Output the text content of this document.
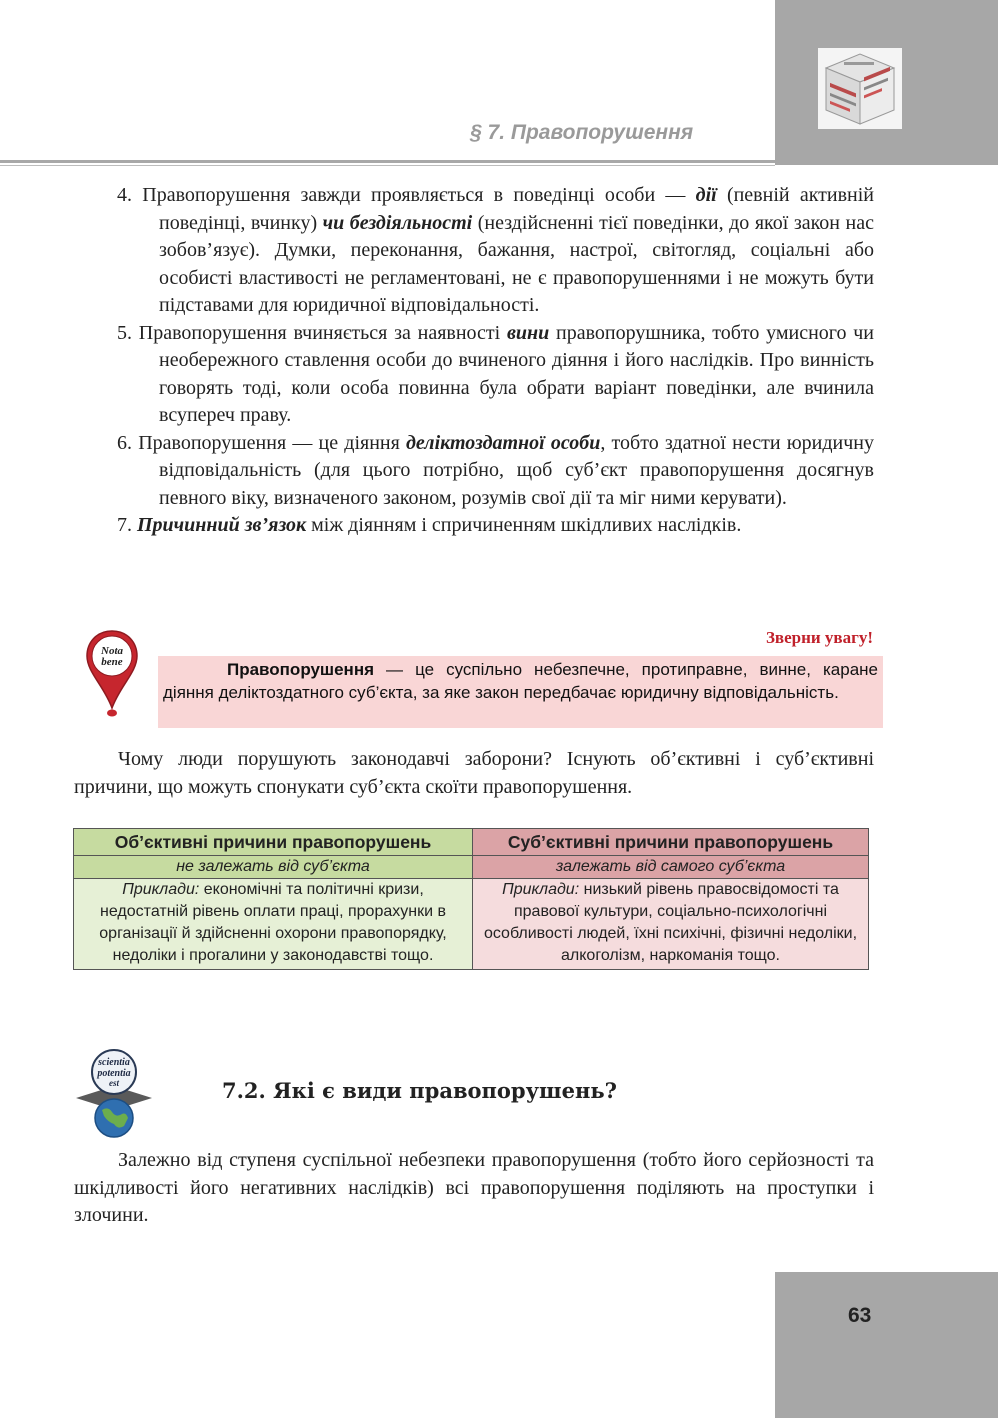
§ 7. Правопорушення
4. Правопорушення завжди проявляється в поведінці особи — дії (певній активній поведінці, вчинку) чи бездіяльності (нездійсненні тієї поведінки, до якої закон нас зобов’язує). Думки, переконання, бажання, настрої, світогляд, соціальні або особисті властивості не регламентовані, не є правопорушеннями і не можуть бути підставами для юридичної відповідальності.
5. Правопорушення вчиняється за наявності вини правопорушника, тобто умисного чи необережного ставлення особи до вчиненого діяння і його наслідків. Про винність говорять тоді, коли особа повинна була обрати варіант поведінки, але вчинила всупереч праву.
6. Правопорушення — це діяння деліктоздатної особи, тобто здатної нести юридичну відповідальність (для цього потрібно, щоб суб’єкт правопорушення досягнув певного віку, визначеного законом, розумів свої дії та міг ними керувати).
7. Причинний зв’язок між діянням і спричиненням шкідливих наслідків.
Nota
bene
Зверни увагу!
Правопорушення — це суспільно небезпечне, протиправне, винне, каране діяння деліктоздатного суб’єкта, за яке закон передбачає юридичну відповідальність.

Чому люди порушують законодавчі заборони? Існують об’єктивні і суб’єктивні причини, що можуть спонукати суб’єкта скоїти правопорушення.

Об’єктивні причини правопорушень	Суб’єктивні причини правопорушень
не залежать від суб’єкта	залежать від самого суб’єкта
Приклади: економічні та політичні кризи, недостатній рівень оплати праці, прорахунки в організації й здійсненні охорони правопорядку, недоліки і прогалини у законодавстві тощо.	Приклади: низький рівень правосвідомості та правової культури, соціально-психологічні особливості людей, їхні психічні, фізичні недоліки, алкоголізм, наркоманія тощо.
scientia
potentia
est	7.2. Які є види правопорушень?

Залежно від ступеня суспільної небезпеки правопорушення (тобто його серйозності та шкідливості його негативних наслідків) всі правопорушення поділяють на проступки і злочини.

63
